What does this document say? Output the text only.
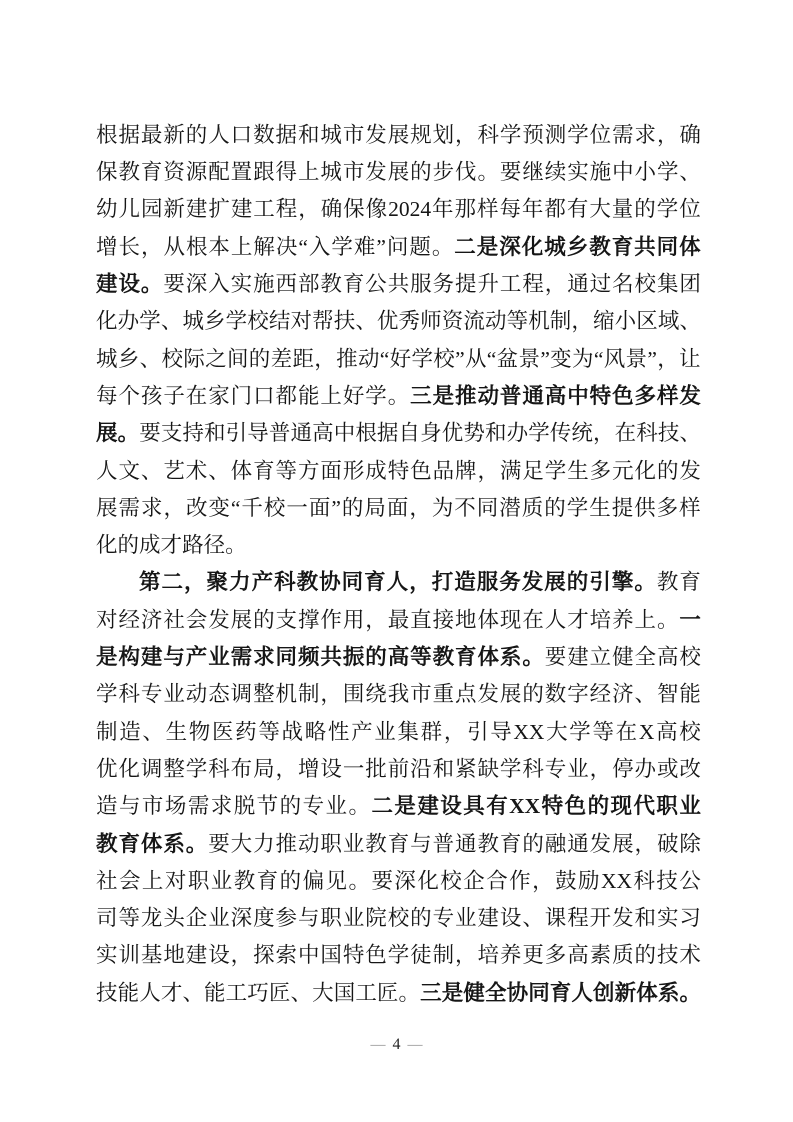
根 据 最 新 的 人 口 数 据 和 城 市 发 展 规 划 ， 科 学 预 测 学 位 需 求 ， 确
保 教 育 资 源 配 置 跟 得 上 城 市 发 展 的 步 伐 。 要 继 续 实 施 中 小 学 、
幼 儿 园 新 建 扩 建 工 程 ， 确 保 像 2024 年 那 样 每 年 都 有 大 量 的 学 位
增 长 ， 从 根 本 上 解 决 “ 入 学 难 ” 问 题 。 二 是 深 化 城 乡 教 育 共 同 体
建 设 。 要 深 入 实 施 西 部 教 育 公 共 服 务 提 升 工 程 ， 通 过 名 校 集 团
化 办 学 、 城 乡 学 校 结 对 帮 扶 、 优 秀 师 资 流 动 等 机 制 ， 缩 小 区 域 、
城 乡 、 校 际 之 间 的 差 距 ， 推 动 “ 好 学 校 ” 从 “ 盆 景 ” 变 为 “ 风 景 ” ， 让
每 个 孩 子 在 家 门 口 都 能 上 好 学 。 三 是 推 动 普 通 高 中 特 色 多 样 发
展 。 要 支 持 和 引 导 普 通 高 中 根 据 自 身 优 势 和 办 学 传 统 ， 在 科 技 、
人 文 、 艺 术 、 体 育 等 方 面 形 成 特 色 品 牌 ， 满 足 学 生 多 元 化 的 发
展 需 求 ， 改 变 “ 千 校 一 面 ” 的 局 面 ， 为 不 同 潜 质 的 学 生 提 供 多 样
化 的 成 才 路 径 。
第 二 ， 聚 力 产 科 教 协 同 育 人 ， 打 造 服 务 发 展 的 引 擎 。 教 育
对 经 济 社 会 发 展 的 支 撑 作 用 ， 最 直 接 地 体 现 在 人 才 培 养 上 。 一
是 构 建 与 产 业 需 求 同 频 共 振 的 高 等 教 育 体 系 。 要 建 立 健 全 高 校
学 科 专 业 动 态 调 整 机 制 ， 围 绕 我 市 重 点 发 展 的 数 字 经 济 、 智 能
制 造 、 生 物 医 药 等 战 略 性 产 业 集 群 ， 引 导 XX 大 学 等 在 X 高 校
优 化 调 整 学 科 布 局 ， 增 设 一 批 前 沿 和 紧 缺 学 科 专 业 ， 停 办 或 改
造 与 市 场 需 求 脱 节 的 专 业 。 二 是 建 设 具 有 XX 特 色 的 现 代 职 业
教 育 体 系 。 要 大 力 推 动 职 业 教 育 与 普 通 教 育 的 融 通 发 展 ， 破 除
社 会 上 对 职 业 教 育 的 偏 见 。 要 深 化 校 企 合 作 ， 鼓 励 XX 科 技 公
司 等 龙 头 企 业 深 度 参 与 职 业 院 校 的 专 业 建 设 、 课 程 开 发 和 实 习
实 训 基 地 建 设 ， 探 索 中 国 特 色 学 徒 制 ， 培 养 更 多 高 素 质 的 技 术
技 能 人 才 、 能 工 巧 匠 、 大 国 工 匠 。 三 是 健 全 协 同 育 人 创 新 体 系 。
— 4 —
